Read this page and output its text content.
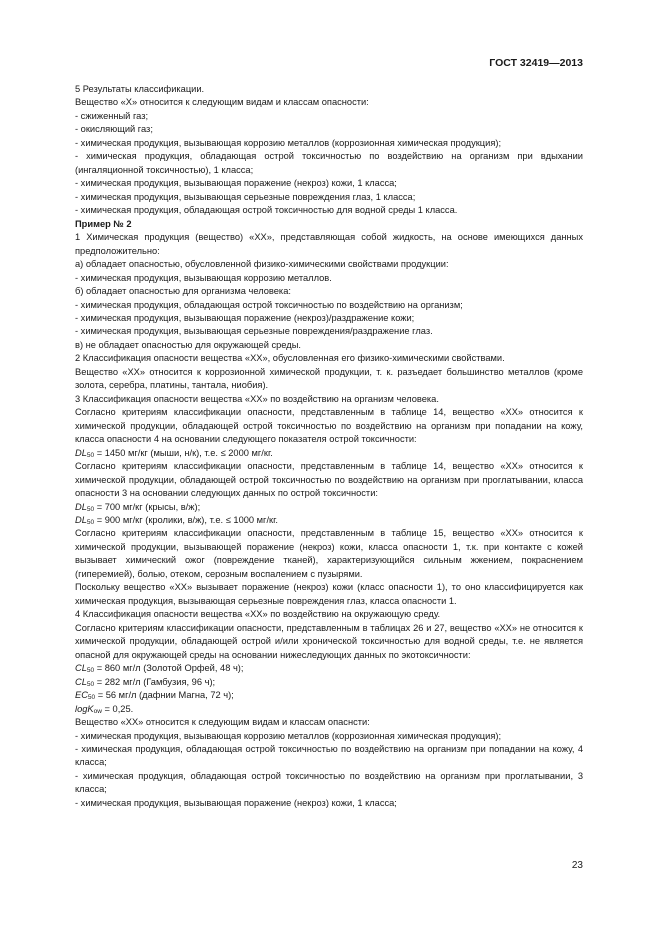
ГОСТ 32419—2013

5 Результаты классификации.

Вещество «Х» относится к следующим видам и классам опасности:

- сжиженный газ;

- окисляющий газ;

- химическая продукция, вызывающая коррозию металлов (коррозионная химическая продукция);

- химическая продукция, обладающая острой токсичностью по воздействию на организм при вдыхании (ингаляционной токсичностью), 1 класса;

- химическая продукция, вызывающая поражение (некроз) кожи, 1 класса;

- химическая продукция, вызывающая серьезные повреждения глаз, 1 класса;

- химическая продукция, обладающая острой токсичностью для водной среды 1 класса.

Пример № 2

1 Химическая продукция (вещество) «ХХ», представляющая собой жидкость, на основе имеющихся данных предположительно:

а) обладает опасностью, обусловленной физико-химическими свойствами продукции:

- химическая продукция, вызывающая коррозию металлов.

б) обладает опасностью для организма человека:

- химическая продукция, обладающая острой токсичностью по воздействию на организм;

- химическая продукция, вызывающая поражение (некроз)/раздражение кожи;

- химическая продукция, вызывающая серьезные повреждения/раздражение глаз.

в) не обладает опасностью для окружающей среды.

2 Классификация опасности вещества «ХХ», обусловленная его физико-химическими свойствами.

Вещество «ХХ» относится к коррозионной химической продукции, т. к. разъедает большинство металлов (кроме золота, серебра, платины, тантала, ниобия).

3 Классификация опасности вещества «ХХ» по воздействию на организм человека.

Согласно критериям классификации опасности, представленным в таблице 14, вещество «ХХ» относится к химической продукции, обладающей острой токсичностью по воздействию на организм при попадании на кожу, класса опасности 4 на основании следующего показателя острой токсичности:

$DL_{50} = 1450$ мг/кг (мыши, н/к), т.е. ≤ 2000 мг/кг.

Согласно критериям классификации опасности, представленным в таблице 14, вещество «ХХ» относится к химической продукции, обладающей острой токсичностью по воздействию на организм при проглатывании, класса опасности 3 на основании следующих данных по острой токсичности:

$DL_{50} = 700$ мг/кг (крысы, в/ж);

$DL_{50} = 900$ мг/кг (кролики, в/ж), т.е. ≤ 1000 мг/кг.

Согласно критериям классификации опасности, представленным в таблице 15, вещество «ХХ» относится к химической продукции, вызывающей поражение (некроз) кожи, класса опасности 1, т.к. при контакте с кожей вызывает химический ожог (повреждение тканей), характеризующийся сильным жжением, покраснением (гиперемией), болью, отеком, серозным воспалением с пузырями.

Поскольку вещество «ХХ» вызывает поражение (некроз) кожи (класс опасности 1), то оно классифицируется как химическая продукция, вызывающая серьезные повреждения глаз, класса опасности 1.

4 Классификация опасности вещества «ХХ» по воздействию на окружающую среду.

Согласно критериям классификации опасности, представленным в таблицах 26 и 27, вещество «ХХ» не относится к химической продукции, обладающей острой и/или хронической токсичностью для водной среды, т.е. не является опасной для окружающей среды на основании нижеследующих данных по экотоксичности:

$CL_{50} = 860$ мг/л (Золотой Орфей, 48 ч);

$CL_{50} = 282$ мг/л (Гамбузия, 96 ч);

$EC_{50} = 56$ мг/л (дафнии Магна, 72 ч);

logK$_{ow}$ = 0,25.

Вещество «ХХ» относится к следующим видам и классам опаснсти:

- химическая продукция, вызывающая коррозию металлов (коррозионная химическая продукция);

- химическая продукция, обладающая острой токсичностью по воздействию на организм при попадании на кожу, 4 класса;

- химическая продукция, обладающая острой токсичностью по воздействию на организм при проглатывании, 3 класса;

- химическая продукция, вызывающая поражение (некроз) кожи, 1 класса;

23
